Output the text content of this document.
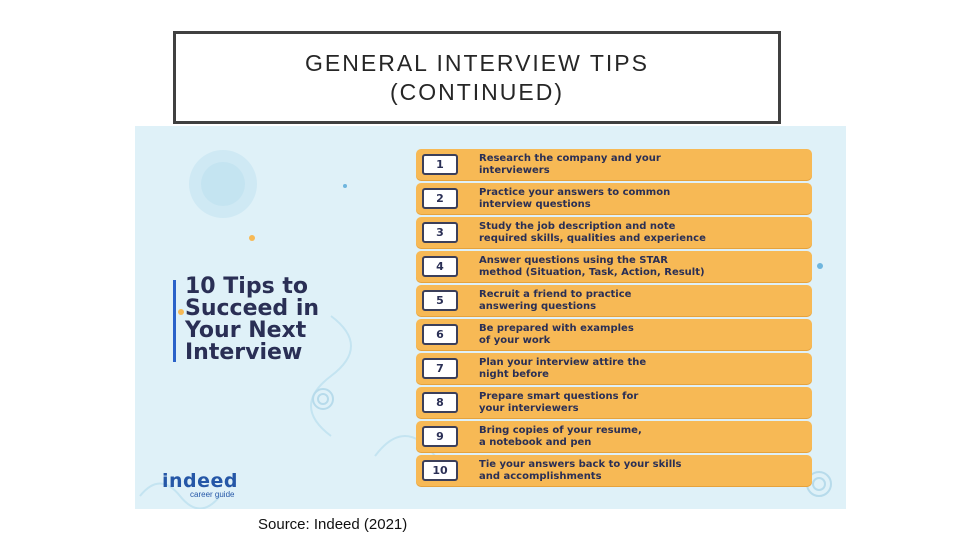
GENERAL INTERVIEW TIPS
(CONTINUED)
10 Tips to
Succeed in
Your Next
Interview
indeed
career guide
1	Research the company and your
interviewers
2	Practice your answers to common
interview questions
3	Study the job description and note
required skills, qualities and experience
4	Answer questions using the STAR
method (Situation, Task, Action, Result)
5	Recruit a friend to practice
answering questions
6	Be prepared with examples
of your work
7	Plan your interview attire the
night before
8	Prepare smart questions for
your interviewers
9	Bring copies of your resume,
a notebook and pen
10	Tie your answers back to your skills
and accomplishments
Source: Indeed (2021)
